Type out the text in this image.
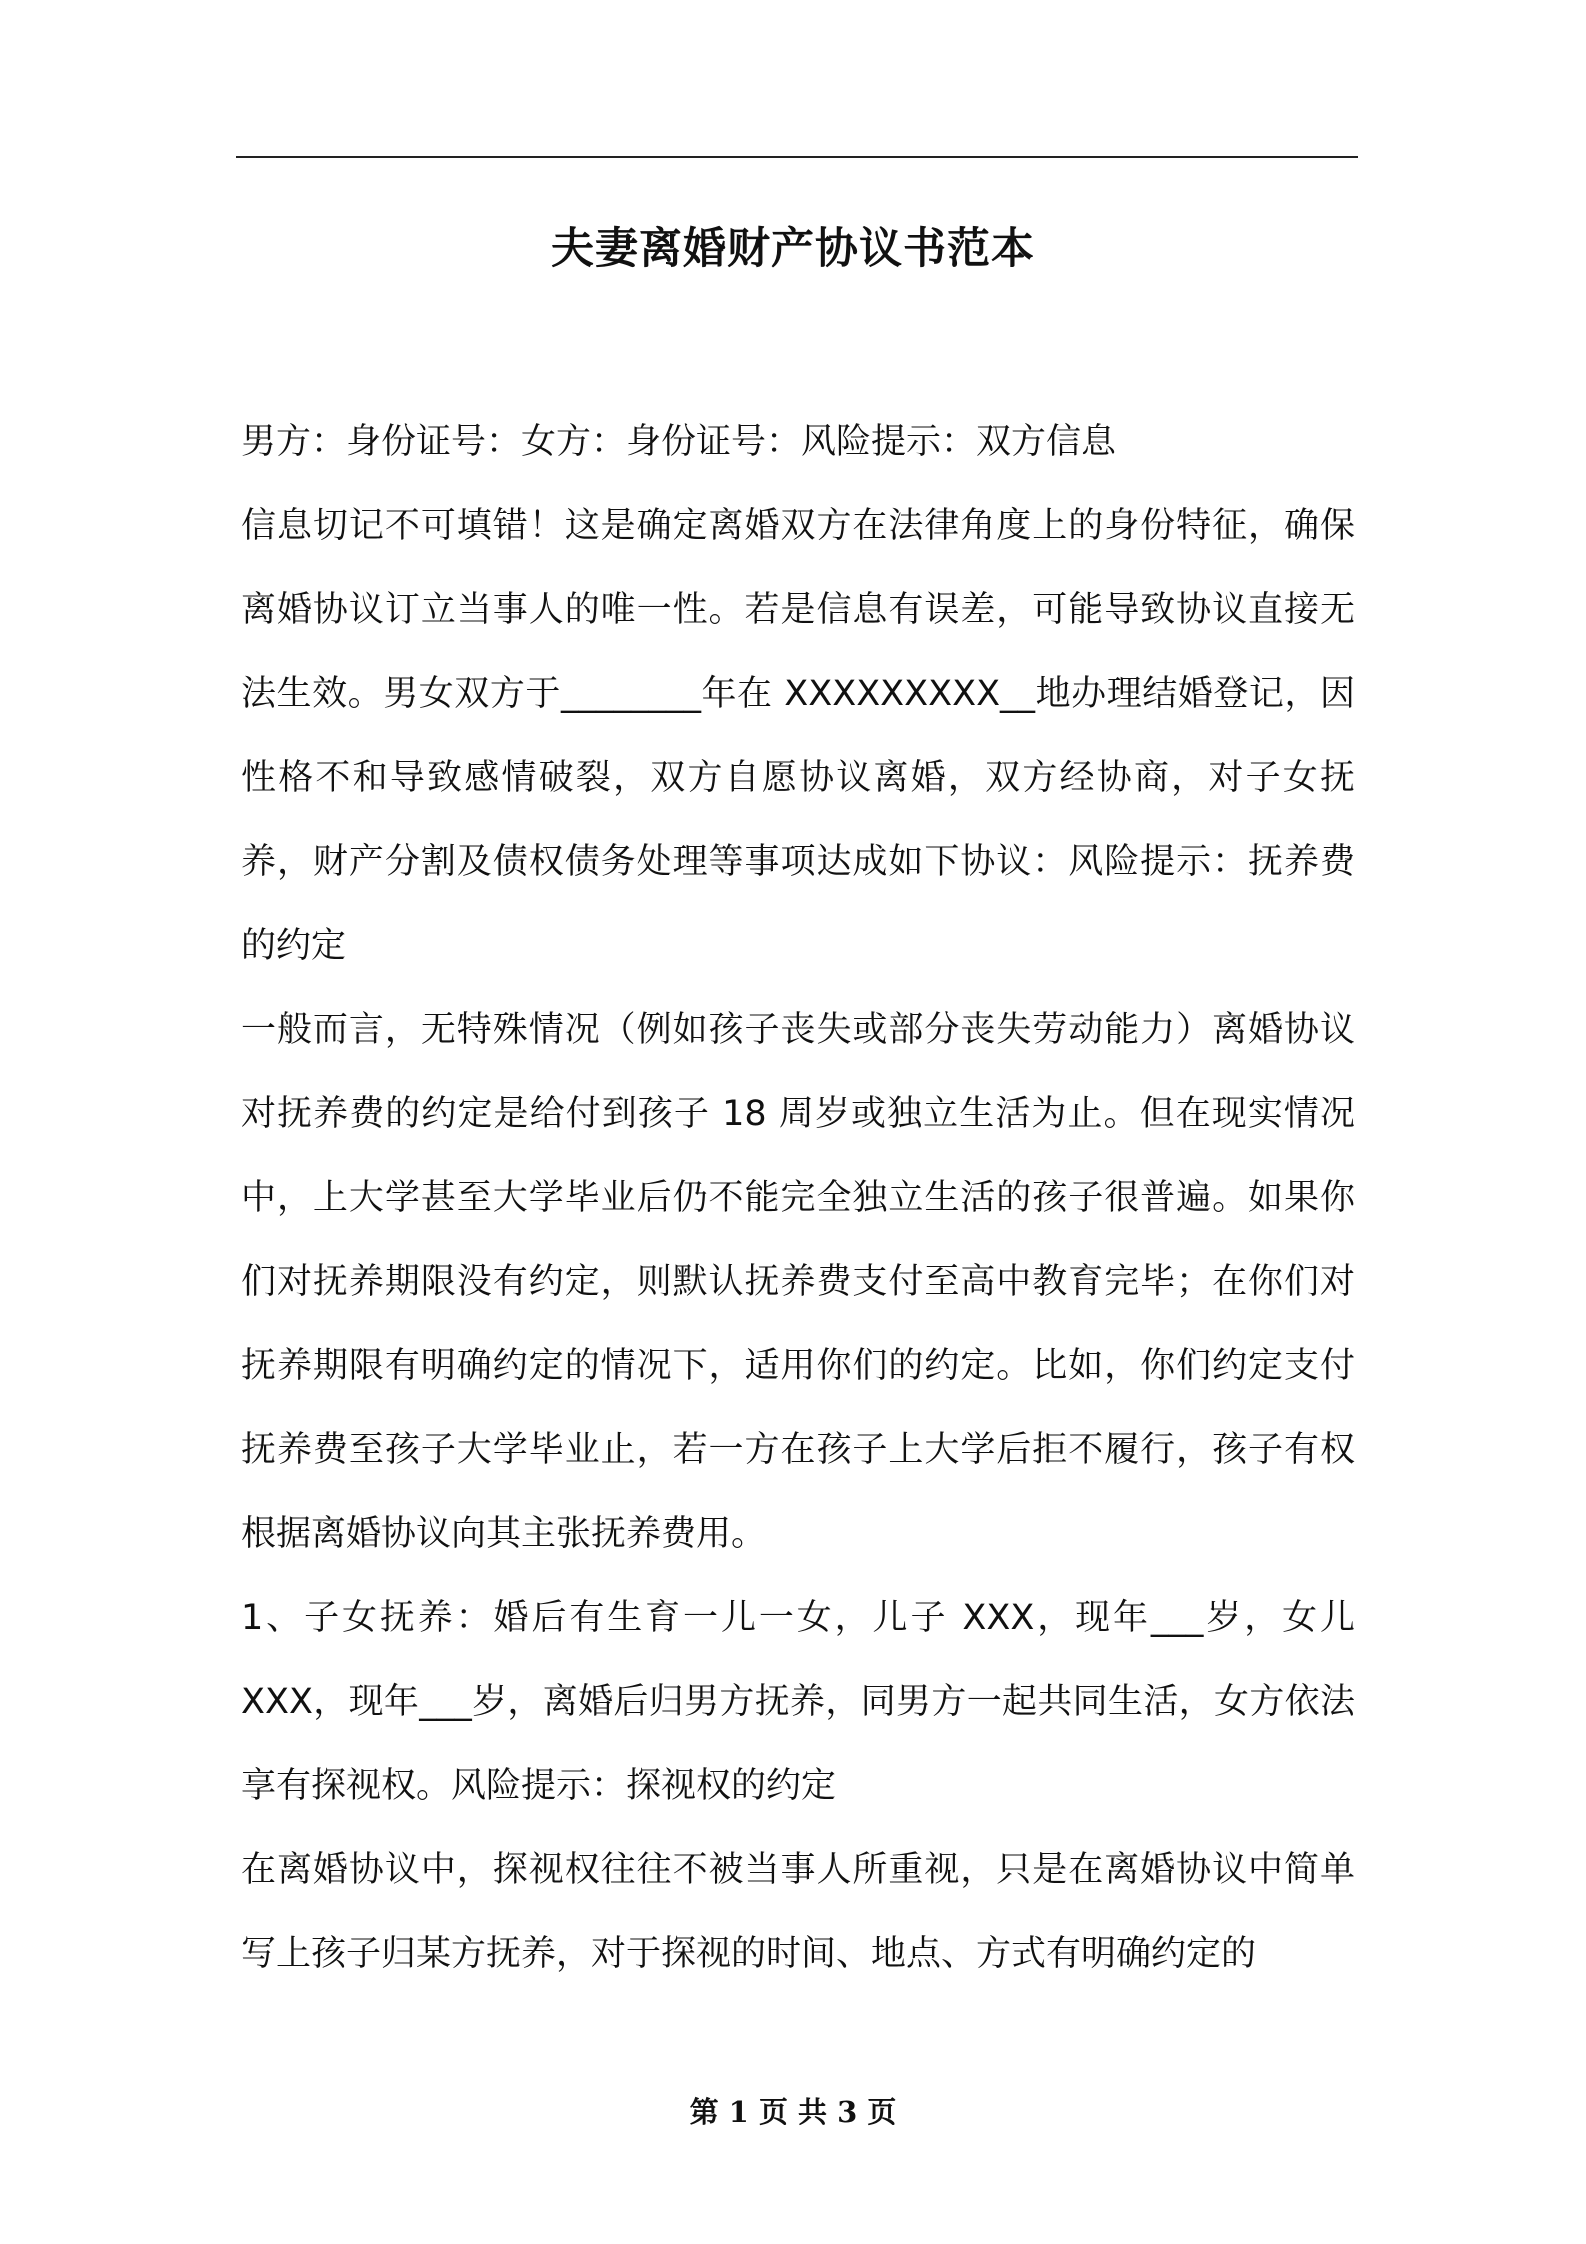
夫妻离婚财产协议书范本

男方：身份证号：女方：身份证号：风险提示：双方信息

信息切记不可填错！这是确定离婚双方在法律角度上的身份特征，确保离婚协议订立当事人的唯一性。若是信息有误差，可能导致协议直接无法生效。男女双方于________年在 XXXXXXXXX__地办理结婚登记，因性格不和导致感情破裂，双方自愿协议离婚，双方经协商，对子女抚养，财产分割及债权债务处理等事项达成如下协议：风险提示：抚养费的约定

一般而言，无特殊情况（例如孩子丧失或部分丧失劳动能力）离婚协议对抚养费的约定是给付到孩子 18 周岁或独立生活为止。但在现实情况中，上大学甚至大学毕业后仍不能完全独立生活的孩子很普遍。如果你们对抚养期限没有约定，则默认抚养费支付至高中教育完毕；在你们对抚养期限有明确约定的情况下，适用你们的约定。比如，你们约定支付抚养费至孩子大学毕业止，若一方在孩子上大学后拒不履行，孩子有权根据离婚协议向其主张抚养费用。

1、子女抚养：婚后有生育一儿一女，儿子 XXX，现年___岁，女儿 XXX，现年___岁，离婚后归男方抚养，同男方一起共同生活，女方依法享有探视权。风险提示：探视权的约定

在离婚协议中，探视权往往不被当事人所重视，只是在离婚协议中简单写上孩子归某方抚养，对于探视的时间、地点、方式有明确约定的

第 1 页 共 3 页
